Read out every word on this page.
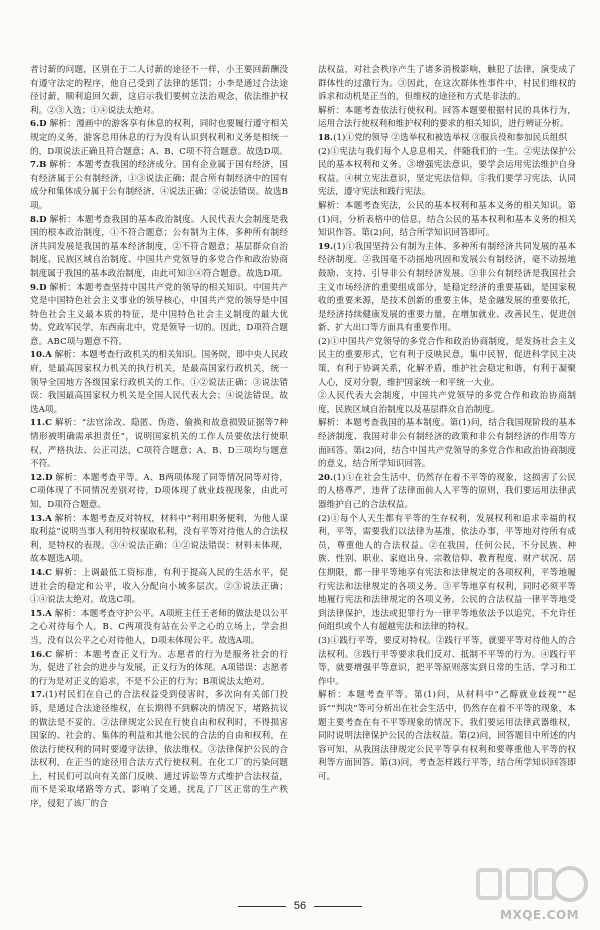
者讨薪的问题，区别在于二人讨薪的途径不一样，小王要回薪酬没有遵守法定的程序，他自己受到了法律的惩罚；小李是通过合法途径讨薪，顺利追回欠薪，这启示我们要树立法治观念，依法维护权利。②③入选；①④说法太绝对。

6.D 解析：漫画中的游客享有休息的权利，同时也要履行遵守相关规定的义务，游客总用休息的行为没有认识到权利和义务是相统一的，D项说法正确且符合题意；A、B、C项不符合题意。故选D项。

7.B 解析：本题考查我国的经济成分。国有企业属于国有经济，国有经济属于公有制经济，①③说法正确；混合所有制经济中的国有成分和集体成分属于公有制经济，④说法正确；②说法错误。故选B项。

8.D 解析：本题考查我国的基本政治制度。人民代表大会制度是我国的根本政治制度，①不符合题意；公有制为主体，多种所有制经济共同发展是我国的基本经济制度，②不符合题意；基层群众自治制度、民族区域自治制度、中国共产党领导的多党合作和政治协商制度属于我国的基本政治制度，由此可知③④符合题意。故选D项。

9.D 解析：本题考查坚持中国共产党的领导的相关知识。中国共产党是中国特色社会主义事业的领导核心，中国共产党的领导是中国特色社会主义最本质的特征，是中国特色社会主义制度的最大优势。党政军民学，东西南北中，党是领导一切的。因此，D项符合题意。ABC项与题意不符。

10.A 解析：本题考查行政机关的相关知识。国务院，即中央人民政府，是最高国家权力机关的执行机关，是最高国家行政机关，统一领导全国地方各级国家行政机关的工作。①②说法正确；③说法错误：我国最高国家权力机关是全国人民代表大会；④说法错误。故选A项。

11.C 解析：“法官涂改、隐匿、伪造、偷换和故意损毁证据等7种情形被明确需承担责任”，说明国家机关的工作人员要依法行使职权，严格执法、公正司法，C项符合题意；A、B、D三项均与题意不符。

12.D 解析：本题考查平等。A、B两项体现了同等情况同等对待，C项体现了不同情况差别对待，D项体现了就业歧视现象，由此可知，D项符合题意。

13.A 解析：本题考查反对特权，材料中“利用职务便利，为他人谋取利益”说明当事人利用特权谋取私利，没有平等对待他人的合法权利，是特权的表现。③④说法正确；①②说法错误：材料未体现，故本题选A项。

14.C 解析：上调最低工资标准，有利于提高人民的生活水平，促进社会的稳定和公平，收入分配向小域多层次。②③说法正确；①④说法太绝对。故选C项。

15.A 解析：本题考查守护公平。A项班主任王老师的做法是以公平之心对待每个人，B、C两项没有站在公平之心的立场上，学会担当，没有以公平之心对待他人，D项未体现公平。故选A项。

16.C 解析：本题考查正义行为。志愿者的行为是服务社会的行为，促进了社会的进步与发展，正义行为的体现。A项错误：志愿者的行为是对正义的追求，不是不公正的行为；B项说法太绝对。

17.(1)村民们在自己的合法权益受到侵害时，多次向有关部门投诉，是通过合法途径维权，在长期得不到解决的情况下，堵路抗议的做法是不妥的。②法律规定公民在行使自由和权利时，不得损害国家的、社会的、集体的利益和其他公民的合法的自由和权利，在依法行使权利的同时要遵守法律，依法维权。③法律保护公民的合法权利，在正当的途径用合法方式行使权利。在化工厂的污染问题上，村民们可以向有关部门反映、通过诉讼等方式维护合法权益，而不是采取堵路等方式，影响了交通，扰乱了厂区正常的生产秩序，侵犯了该厂的合

法权益，对社会秩序产生了诸多消极影响，触犯了法律，演变成了群体性的过激行为。③因此，在这次群体性事件中，村民们维权的诉求和动机是正当的，但维权的途径和方式是非法的。

解析：本题考查依法行使权利。回答本题要根据村民的具体行为，运用合法行使权利和维护权利的要求的相关知识，进行辨证分析。

18.(1)①党的领导 ②选举权和被选举权 ③服兵役和参加民兵组织

(2)①宪法与我们每个人息息相关，伴随我们的一生。②宪法保护公民的基本权利和义务。③增强宪法意识，要学会运用宪法维护自身权益。④树立宪法意识，坚定宪法信仰。⑤我们要学习宪法，认同宪法，遵守宪法和践行宪法。

解析：本题考查宪法，公民的基本权利和基本义务的相关知识。第(1)问，分析表格中的信息，结合公民的基本权利和基本义务的相关知识作答。第(2)问，结合所学知识回答即可。

19.(1)①我国坚持公有制为主体、多种所有制经济共同发展的基本经济制度。②我国毫不动摇地巩固和发展公有制经济，毫不动摇地鼓励、支持、引导非公有制经济发展。③非公有制经济是我国社会主义市场经济的重要组成部分，是稳定经济的重要基础，是国家税收的重要来源，是技术创新的重要主体，是金融发展的重要依托，是经济持续健康发展的重要力量，在增加就业、改善民生、促进创新、扩大出口等方面具有重要作用。

(2)①中国共产党领导的多党合作和政治协商制度，是发扬社会主义民主的重要形式，它有利于反映民意，集中民智，促进科学民主决策，有利于协调关系，化解矛盾，维护社会稳定和谐，有利于凝聚人心，反对分裂，维护国家统一和平统一大业。

②人民代表大会制度，中国共产党领导的多党合作和政治协商制度，民族区域自治制度以及基层群众自治制度。

解析：本题考查我国的基本制度。第(1)问，结合我国现阶段的基本经济制度、我国对非公有制经济的政策和非公有制经济的作用等方面回答。第(2)问，结合中国共产党领导的多党合作和政治协商制度的意义，结合所学知识回答。

20.(1)①在社会生活中，仍然存在着不平等的现象，这损害了公民的人格尊严，违背了法律面前人人平等的原则，我们要运用法律武器维护自己的合法权益。

(2)①每个人天生都有平等的生存权利，发展权利和追求幸福的权利，平等，需要我们以法律为基准，依法办事，平等地对待所有成员，尊重他人的合法权益。②在我国，任何公民，不分民族、种族、性别、职业、家庭出身、宗教信仰、教育程度、财产状况、居住期限，都一律平等地享有宪法和法律规定的各项权利，平等地履行宪法和法律规定的各项义务。③平等地享有权利，同时必须平等地履行宪法和法律规定的各项义务。公民的合法权益一律平等地受到法律保护，违法或犯罪行为一律平等地依法予以追究，不允许任何组织或个人有超越宪法和法律的特权。

(3)①践行平等，要反对特权。②践行平等，就要平等对待他人的合法权利。③践行平等要求我们反对、抵制不平等的行为。④践行平等，就要增强平等意识，把平等原则落实到日常的生活、学习和工作中。

解析：本题考查平等。第(1)问，从材料中“乙醇就业歧视”“起诉”“判决”等可分析出在社会生活中，仍然存在着不平等的现象，本题主要考查在有不平等现象的情况下，我们要运用法律武器维权，同时说明法律保护公民的合法权益。第(2)问，回答题目中所述的内容可知，从我国法律规定公民平等享有权利和要尊重他人平等的权利等方面回答。第(3)问，考查怎样践行平等，结合所学知识回答即可。

56
MXQE.COM
